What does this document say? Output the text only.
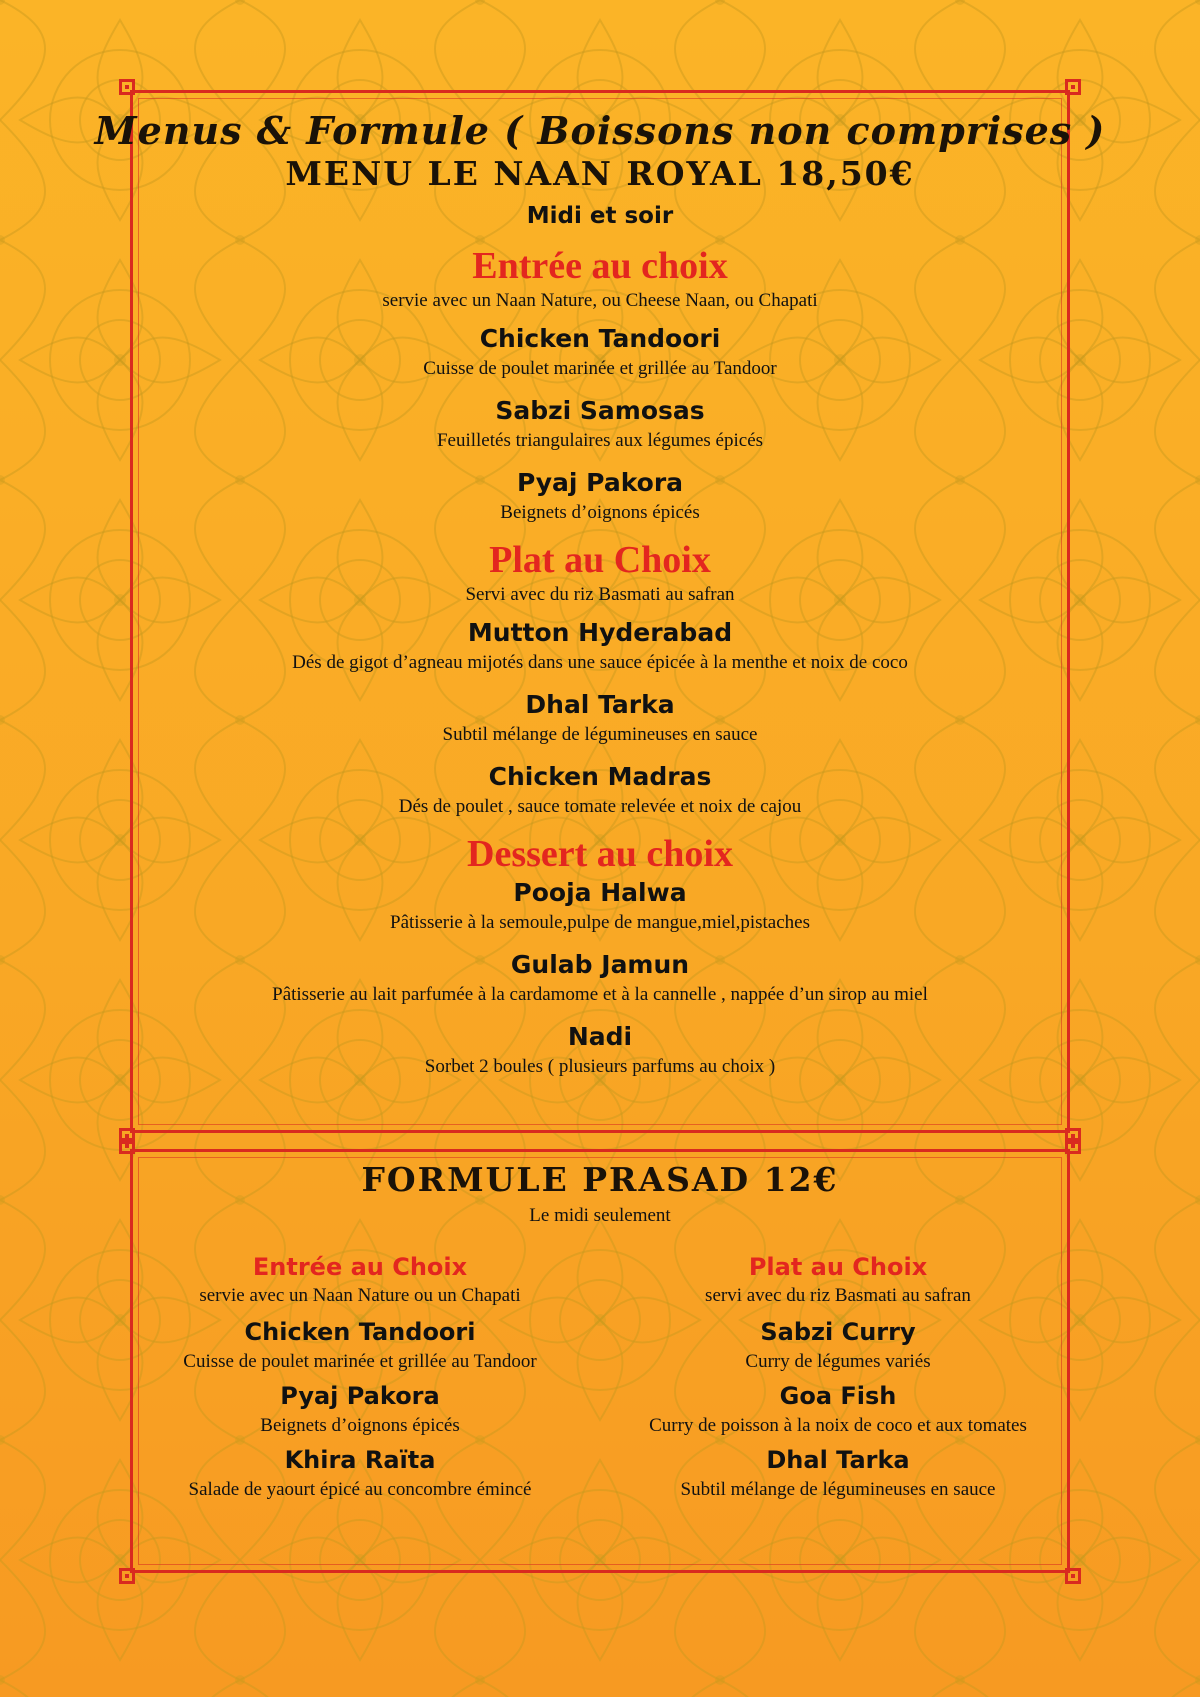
Menus & Formule ( Boissons non comprises )
MENU LE NAAN ROYAL 18,50€

Midi et soir

Entrée au choix

servie avec un Naan Nature, ou Cheese Naan, ou Chapati

Chicken Tandoori

Cuisse de poulet marinée et grillée au Tandoor

Sabzi Samosas

Feuilletés triangulaires aux légumes épicés

Pyaj Pakora

Beignets d’oignons épicés

Plat au Choix

Servi avec du riz Basmati au safran

Mutton Hyderabad

Dés de gigot d’agneau mijotés dans une sauce épicée à la menthe et noix de coco

Dhal Tarka

Subtil mélange de légumineuses en sauce

Chicken Madras

Dés de poulet , sauce tomate relevée et noix de cajou

Dessert au choix

Pooja Halwa

Pâtisserie à la semoule,pulpe de mangue,miel,pistaches

Gulab Jamun

Pâtisserie au lait parfumée à la cardamome et à la cannelle , nappée d’un sirop au miel

Nadi

Sorbet 2 boules ( plusieurs parfums au choix )

FORMULE PRASAD 12€

Le midi seulement

Entrée au Choix

servie avec un Naan Nature ou un Chapati

Chicken Tandoori

Cuisse de poulet marinée et grillée au Tandoor

Pyaj Pakora

Beignets d’oignons épicés

Khira Raïta

Salade de yaourt épicé au concombre émincé

Plat au Choix

servi avec du riz Basmati au safran

Sabzi Curry

Curry de légumes variés

Goa Fish

Curry de poisson à la noix de coco et aux tomates

Dhal Tarka

Subtil mélange de légumineuses en sauce
